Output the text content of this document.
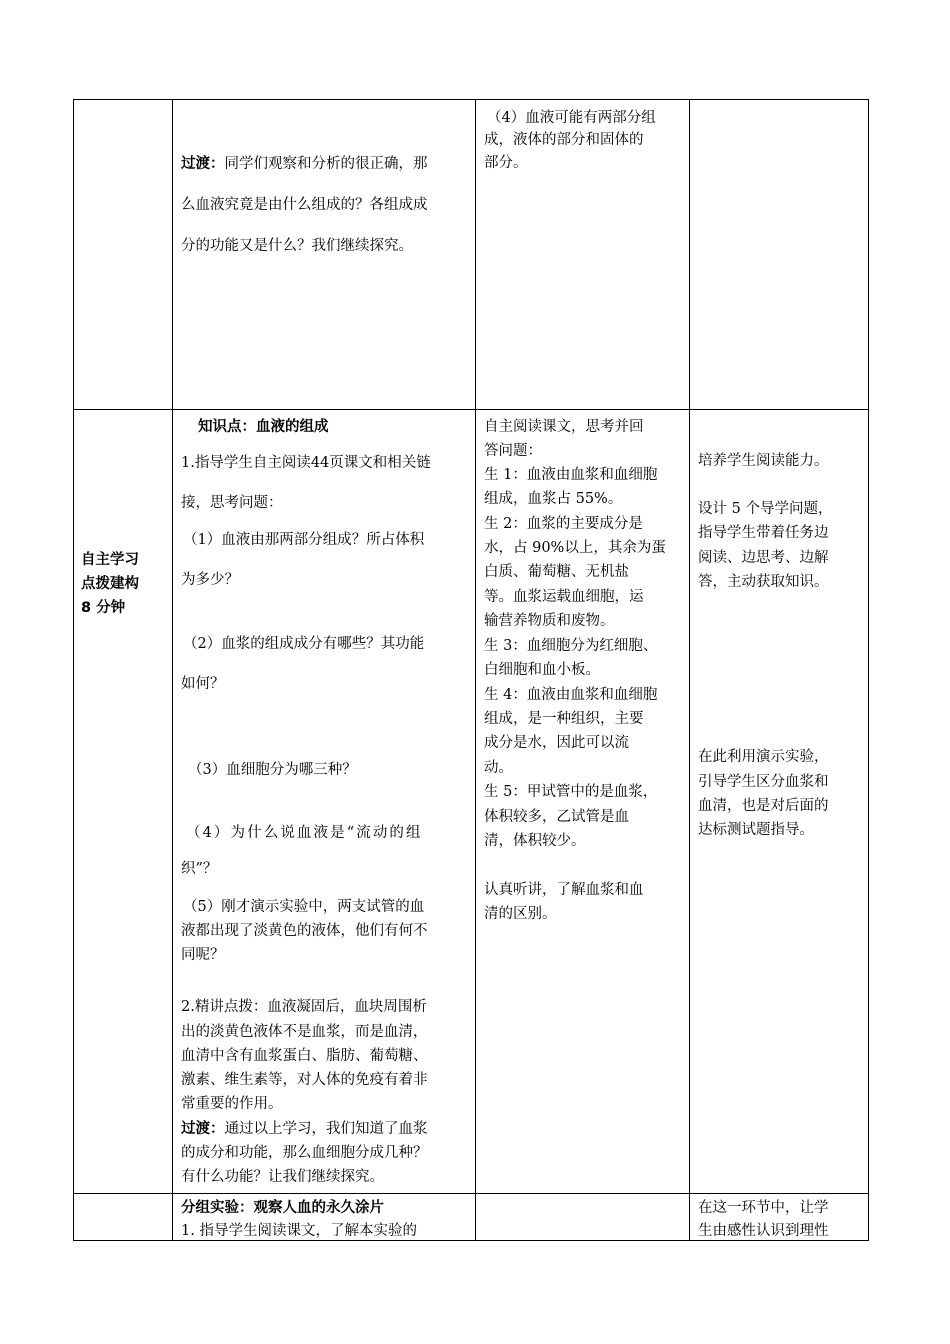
过渡：同学们观察和分析的很正确，那
么血液究竟是由什么组成的？各组成成
分的功能又是什么？我们继续探究。
（4）血液可能有两部分组
成，液体的部分和固体的
部分。
自主学习
点拨建构
8 分钟
知识点：血液的组成
1.指导学生自主阅读44页课文和相关链
接，思考问题：
（1）血液由那两部分组成？所占体积
为多少？
（2）血浆的组成成分有哪些？其功能
如何？
（3）血细胞分为哪三种？
（4）为什么说血液是“流动的组
织”？
（5）刚才演示实验中，两支试管的血
液都出现了淡黄色的液体，他们有何不
同呢？
2.精讲点拨：血液凝固后，血块周围析
出的淡黄色液体不是血浆，而是血清，
血清中含有血浆蛋白、脂肪、葡萄糖、
激素、维生素等，对人体的免疫有着非
常重要的作用。
过渡：通过以上学习，我们知道了血浆
的成分和功能，那么血细胞分成几种？
有什么功能？让我们继续探究。
自主阅读课文，思考并回
答问题：
生 1：血液由血浆和血细胞
组成，血浆占 55%。
生 2：血浆的主要成分是
水，占 90%以上，其余为蛋
白质、葡萄糖、无机盐
等。血浆运载血细胞，运
输营养物质和废物。
生 3：血细胞分为红细胞、
白细胞和血小板。
生 4：血液由血浆和血细胞
组成，是一种组织，主要
成分是水，因此可以流
动。
生 5：甲试管中的是血浆，
体积较多，乙试管是血
清，体积较少。
认真听讲，了解血浆和血
清的区别。
培养学生阅读能力。
设计 5 个导学问题，
指导学生带着任务边
阅读、边思考、边解
答，主动获取知识。
在此利用演示实验，
引导学生区分血浆和
血清，也是对后面的
达标测试题指导。
分组实验：观察人血的永久涂片
1. 指导学生阅读课文，了解本实验的
在这一环节中，让学
生由感性认识到理性
